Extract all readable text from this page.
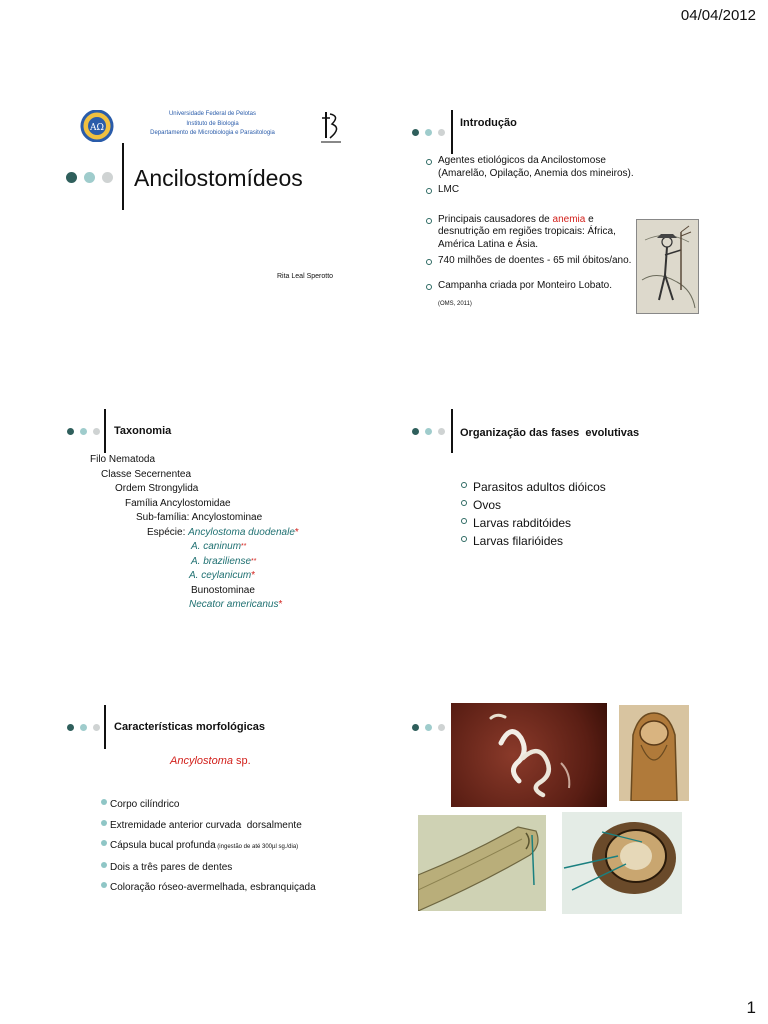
04/04/2012
1
AΩ
Universidade Federal de Pelotas
Instituto de Biologia
Departamento de Microbiologia e Parasitologia
Ancilostomídeos
Rita Leal Sperotto
Introdução
Agentes etiológicos da Ancilostomose (Amarelão, Opilação, Anemia dos mineiros).
LMC
Principais causadores de anemia e desnutrição em regiões tropicais: África, América Latina e Ásia.
740 milhões de doentes - 65 mil óbitos/ano.
Campanha criada por Monteiro Lobato.
(OMS, 2011)
Taxonomia
Filo Nematoda
Classe Secernentea
Ordem Strongylida
Família Ancylostomidae
Sub-família: Ancylostominae
Espécie: Ancylostoma duodenale*
A. caninum**
A. braziliense**
A. ceylanicum*
Bunostominae
Necator americanus*
Organização das fases  evolutivas
Parasitos adultos dióicos
Ovos
Larvas rabditóides
Larvas filarióides
Características morfológicas
Ancylostoma sp.
Corpo cilíndrico
Extremidade anterior curvada  dorsalmente
Cápsula bucal profunda (ingestão de até 300µl sg./dia)
Dois a três pares de dentes
Coloração róseo-avermelhada, esbranquiçada
